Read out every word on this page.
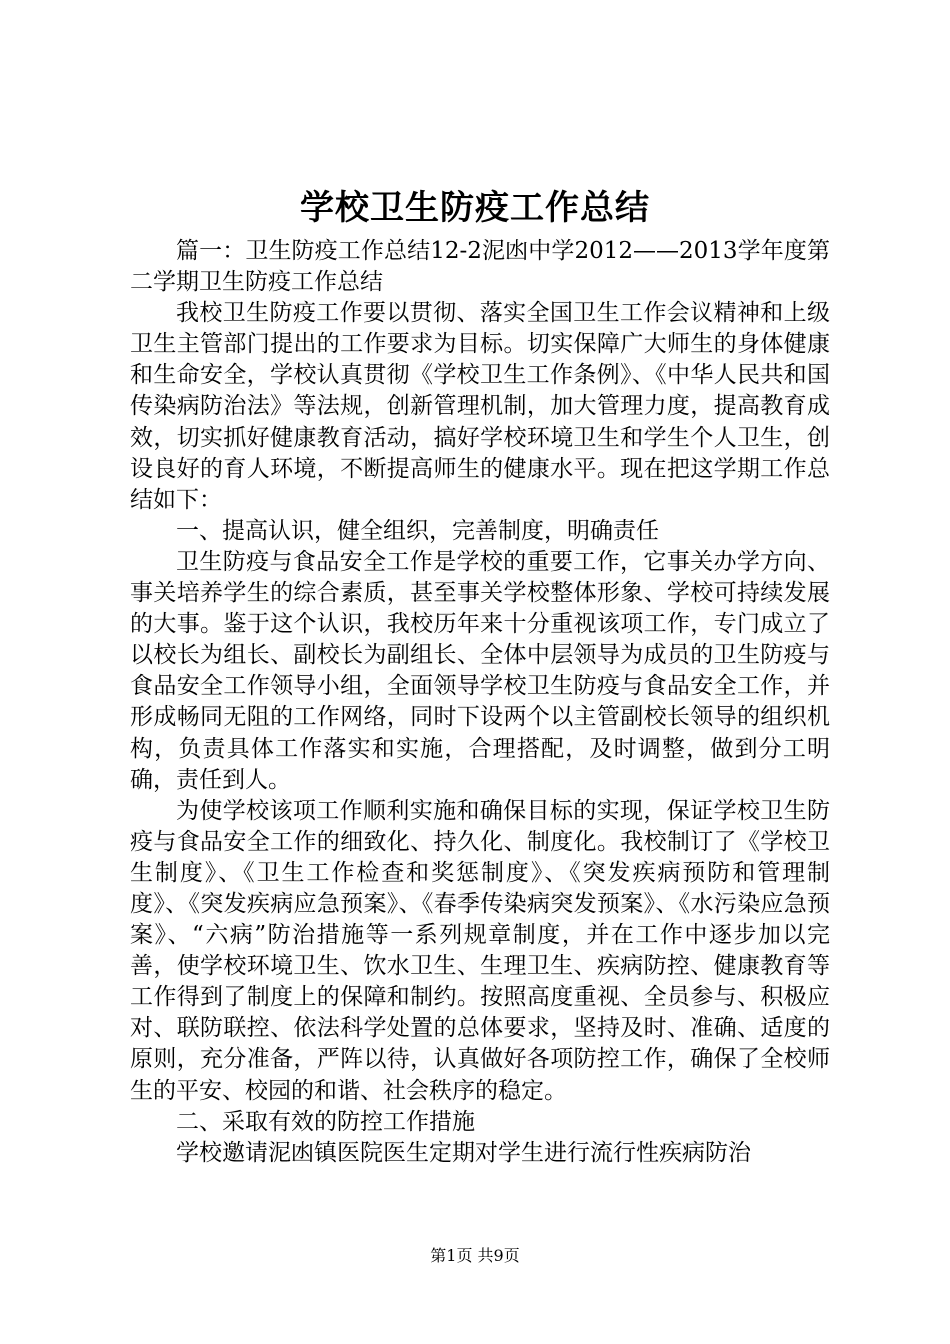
学校卫生防疫工作总结

篇一：卫生防疫工作总结12-2泥凼中学2012——2013学年度第二学期卫生防疫工作总结

我校卫生防疫工作要以贯彻、落实全国卫生工作会议精神和上级卫生主管部门提出的工作要求为目标。切实保障广大师生的身体健康和生命安全，学校认真贯彻《学校卫生工作条例》、《中华人民共和国传染病防治法》等法规，创新管理机制，加大管理力度，提高教育成效，切实抓好健康教育活动，搞好学校环境卫生和学生个人卫生，创设良好的育人环境，不断提高师生的健康水平。现在把这学期工作总结如下：

一、提高认识，健全组织，完善制度，明确责任

卫生防疫与食品安全工作是学校的重要工作，它事关办学方向、事关培养学生的综合素质，甚至事关学校整体形象、学校可持续发展的大事。鉴于这个认识，我校历年来十分重视该项工作，专门成立了以校长为组长、副校长为副组长、全体中层领导为成员的卫生防疫与食品安全工作领导小组，全面领导学校卫生防疫与食品安全工作，并形成畅同无阻的工作网络，同时下设两个以主管副校长领导的组织机构，负责具体工作落实和实施，合理搭配，及时调整，做到分工明确，责任到人。

为使学校该项工作顺利实施和确保目标的实现，保证学校卫生防疫与食品安全工作的细致化、持久化、制度化。我校制订了《学校卫生制度》、《卫生工作检查和奖惩制度》、《突发疾病预防和管理制度》、《突发疾病应急预案》、《春季传染病突发预案》、《水污染应急预案》、“六病”防治措施等一系列规章制度，并在工作中逐步加以完善，使学校环境卫生、饮水卫生、生理卫生、疾病防控、健康教育等工作得到了制度上的保障和制约。按照高度重视、全员参与、积极应对、联防联控、依法科学处置的总体要求，坚持及时、准确、适度的原则，充分准备，严阵以待，认真做好各项防控工作，确保了全校师生的平安、校园的和谐、社会秩序的稳定。

二、采取有效的防控工作措施

学校邀请泥凼镇医院医生定期对学生进行流行性疾病防治

第1页 共9页
